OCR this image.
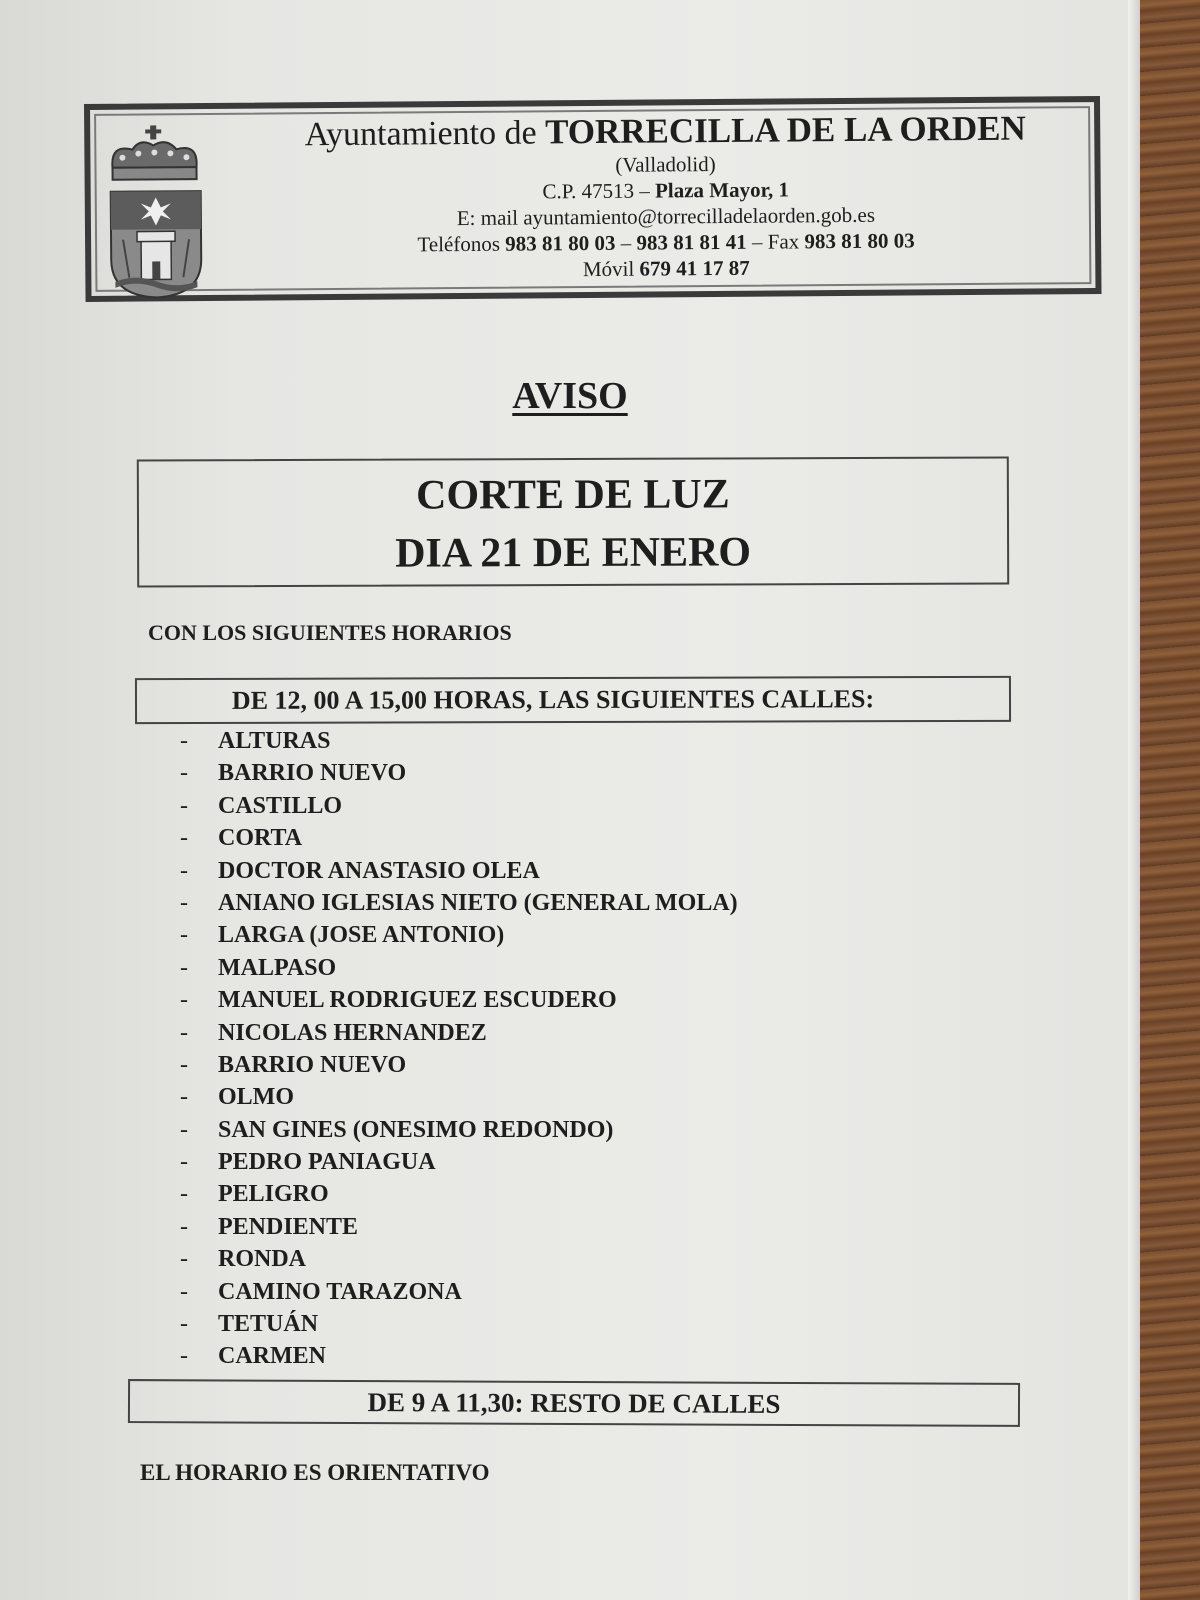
Ayuntamiento de TORRECILLA DE LA ORDEN
(Valladolid)
C.P. 47513 – Plaza Mayor, 1
E: mail ayuntamiento@torrecilladelaorden.gob.es
Teléfonos 983 81 80 03 – 983 81 81 41 – Fax 983 81 80 03
Móvil 679 41 17 87
AVISO
CORTE DE LUZ
DIA 21 DE ENERO
CON LOS SIGUIENTES HORARIOS
DE 12, 00 A 15,00 HORAS, LAS SIGUIENTES CALLES:
- ALTURAS
- BARRIO NUEVO
- CASTILLO
- CORTA
- DOCTOR ANASTASIO OLEA
- ANIANO IGLESIAS NIETO (GENERAL MOLA)
- LARGA (JOSE ANTONIO)
- MALPASO
- MANUEL RODRIGUEZ ESCUDERO
- NICOLAS HERNANDEZ
- BARRIO NUEVO
- OLMO
- SAN GINES (ONESIMO REDONDO)
- PEDRO PANIAGUA
- PELIGRO
- PENDIENTE
- RONDA
- CAMINO TARAZONA
- TETUÁN
- CARMEN
DE 9 A 11,30: RESTO DE CALLES
EL HORARIO ES ORIENTATIVO
